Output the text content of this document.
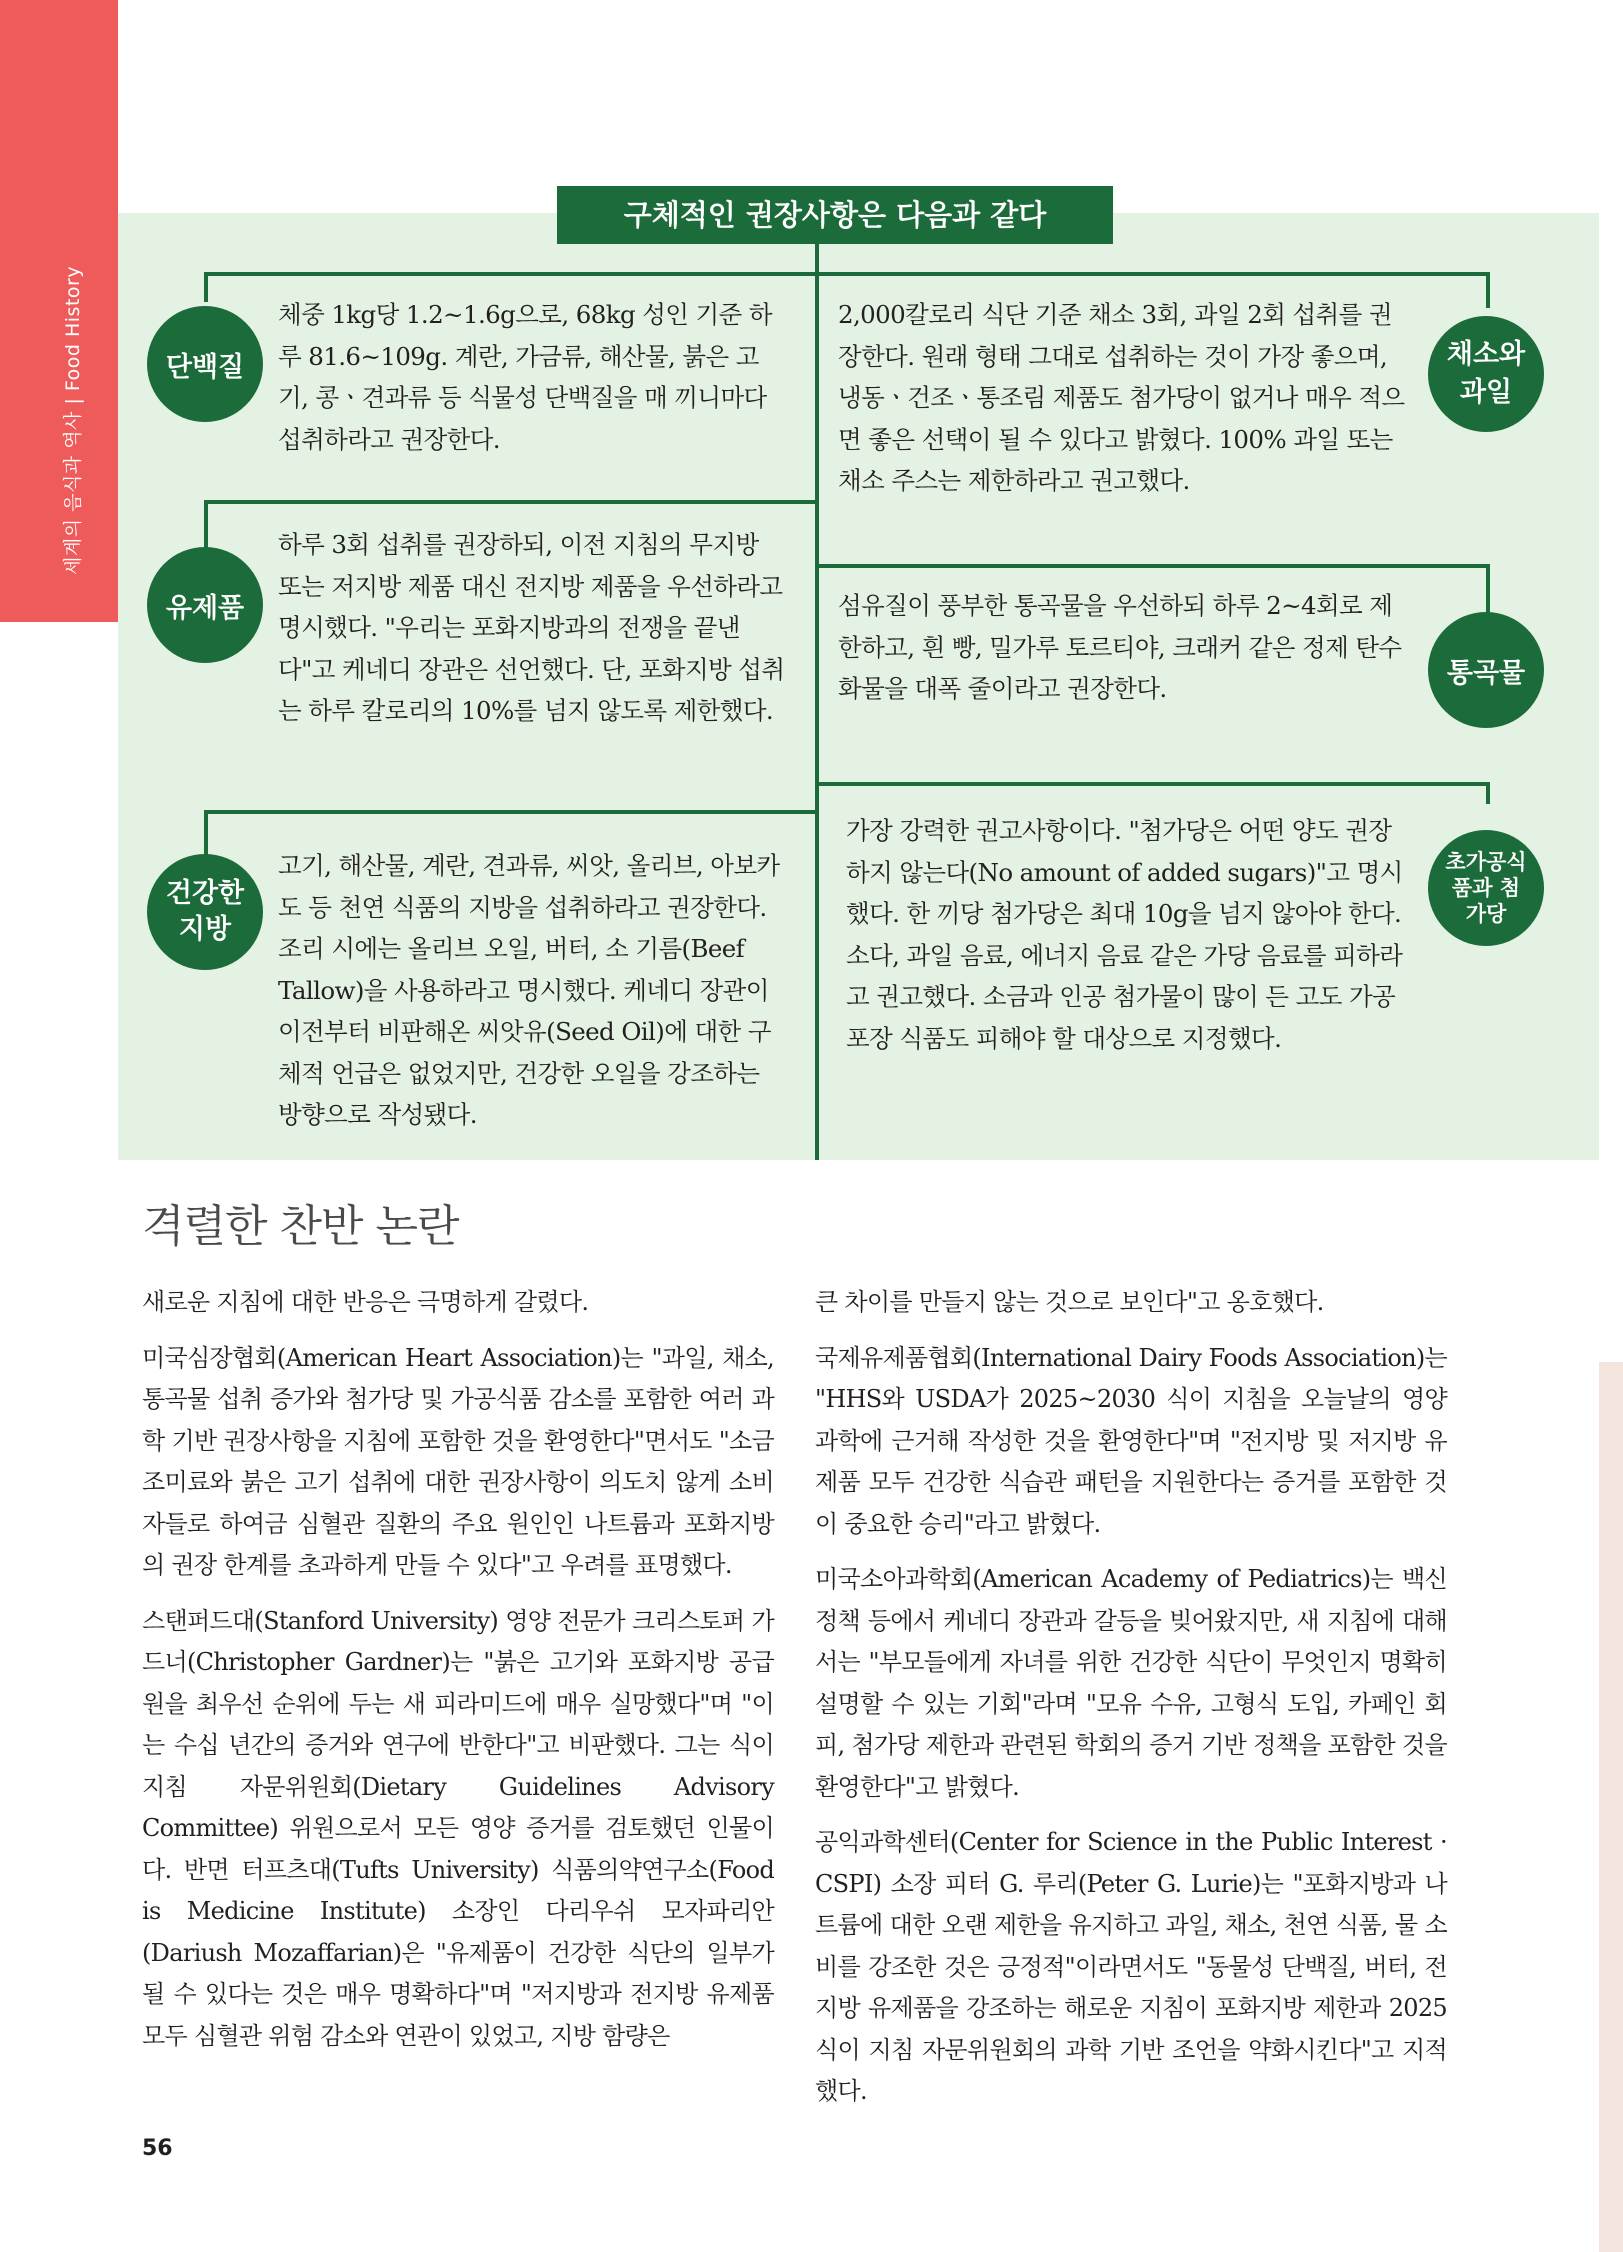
세계의 음식과 역사 | Food History
구체적인 권장사항은 다음과 같다
단백질
체중 1kg당 1.2~1.6g으로, 68kg 성인 기준 하루 81.6~109g. 계란, 가금류, 해산물, 붉은 고기, 콩ㆍ견과류 등 식물성 단백질을 매 끼니마다 섭취하라고 권장한다.
유제품
하루 3회 섭취를 권장하되, 이전 지침의 무지방 또는 저지방 제품 대신 전지방 제품을 우선하라고 명시했다. "우리는 포화지방과의 전쟁을 끝낸다"고 케네디 장관은 선언했다. 단, 포화지방 섭취는 하루 칼로리의 10%를 넘지 않도록 제한했다.
건강한
지방
고기, 해산물, 계란, 견과류, 씨앗, 올리브, 아보카도 등 천연 식품의 지방을 섭취하라고 권장한다. 조리 시에는 올리브 오일, 버터, 소 기름(Beef Tallow)을 사용하라고 명시했다. 케네디 장관이 이전부터 비판해온 씨앗유(Seed Oil)에 대한 구체적 언급은 없었지만, 건강한 오일을 강조하는 방향으로 작성됐다.
2,000칼로리 식단 기준 채소 3회, 과일 2회 섭취를 권장한다. 원래 형태 그대로 섭취하는 것이 가장 좋으며, 냉동ㆍ건조ㆍ통조림 제품도 첨가당이 없거나 매우 적으면 좋은 선택이 될 수 있다고 밝혔다. 100% 과일 또는 채소 주스는 제한하라고 권고했다.
채소와
과일
섬유질이 풍부한 통곡물을 우선하되 하루 2~4회로 제한하고, 흰 빵, 밀가루 토르티야, 크래커 같은 정제 탄수화물을 대폭 줄이라고 권장한다.	통곡물
가장 강력한 권고사항이다. "첨가당은 어떤 양도 권장하지 않는다(No amount of added sugars)"고 명시했다. 한 끼당 첨가당은 최대 10g을 넘지 않아야 한다. 소다, 과일 음료, 에너지 음료 같은 가당 음료를 피하라고 권고했다. 소금과 인공 첨가물이 많이 든 고도 가공 포장 식품도 피해야 할 대상으로 지정했다.
초가공식
품과 첨
가당
격렬한 찬반 논란

새로운 지침에 대한 반응은 극명하게 갈렸다.

미국심장협회(American Heart Association)는 "과일, 채소, 통곡물 섭취 증가와 첨가당 및 가공식품 감소를 포함한 여러 과학 기반 권장사항을 지침에 포함한 것을 환영한다"면서도 "소금 조미료와 붉은 고기 섭취에 대한 권장사항이 의도치 않게 소비자들로 하여금 심혈관 질환의 주요 원인인 나트륨과 포화지방의 권장 한계를 초과하게 만들 수 있다"고 우려를 표명했다.

스탠퍼드대(Stanford University) 영양 전문가 크리스토퍼 가드너(Christopher Gardner)는 "붉은 고기와 포화지방 공급원을 최우선 순위에 두는 새 피라미드에 매우 실망했다"며 "이는 수십 년간의 증거와 연구에 반한다"고 비판했다. 그는 식이 지침 자문위원회(Dietary Guidelines Advisory Committee) 위원으로서 모든 영양 증거를 검토했던 인물이다. 반면 터프츠대(Tufts University) 식품의약연구소(Food is Medicine Institute) 소장인 다리우쉬 모자파리안(Dariush Mozaffarian)은 "유제품이 건강한 식단의 일부가 될 수 있다는 것은 매우 명확하다"며 "저지방과 전지방 유제품 모두 심혈관 위험 감소와 연관이 있었고, 지방 함량은

큰 차이를 만들지 않는 것으로 보인다"고 옹호했다.

국제유제품협회(International Dairy Foods Association)는 "HHS와 USDA가 2025~2030 식이 지침을 오늘날의 영양 과학에 근거해 작성한 것을 환영한다"며 "전지방 및 저지방 유제품 모두 건강한 식습관 패턴을 지원한다는 증거를 포함한 것이 중요한 승리"라고 밝혔다.

미국소아과학회(American Academy of Pediatrics)는 백신 정책 등에서 케네디 장관과 갈등을 빚어왔지만, 새 지침에 대해서는 "부모들에게 자녀를 위한 건강한 식단이 무엇인지 명확히 설명할 수 있는 기회"라며 "모유 수유, 고형식 도입, 카페인 회피, 첨가당 제한과 관련된 학회의 증거 기반 정책을 포함한 것을 환영한다"고 밝혔다.

공익과학센터(Center for Science in the Public Interest · CSPI) 소장 피터 G. 루리(Peter G. Lurie)는 "포화지방과 나트륨에 대한 오랜 제한을 유지하고 과일, 채소, 천연 식품, 물 소비를 강조한 것은 긍정적"이라면서도 "동물성 단백질, 버터, 전지방 유제품을 강조하는 해로운 지침이 포화지방 제한과 2025 식이 지침 자문위원회의 과학 기반 조언을 약화시킨다"고 지적했다.

56
